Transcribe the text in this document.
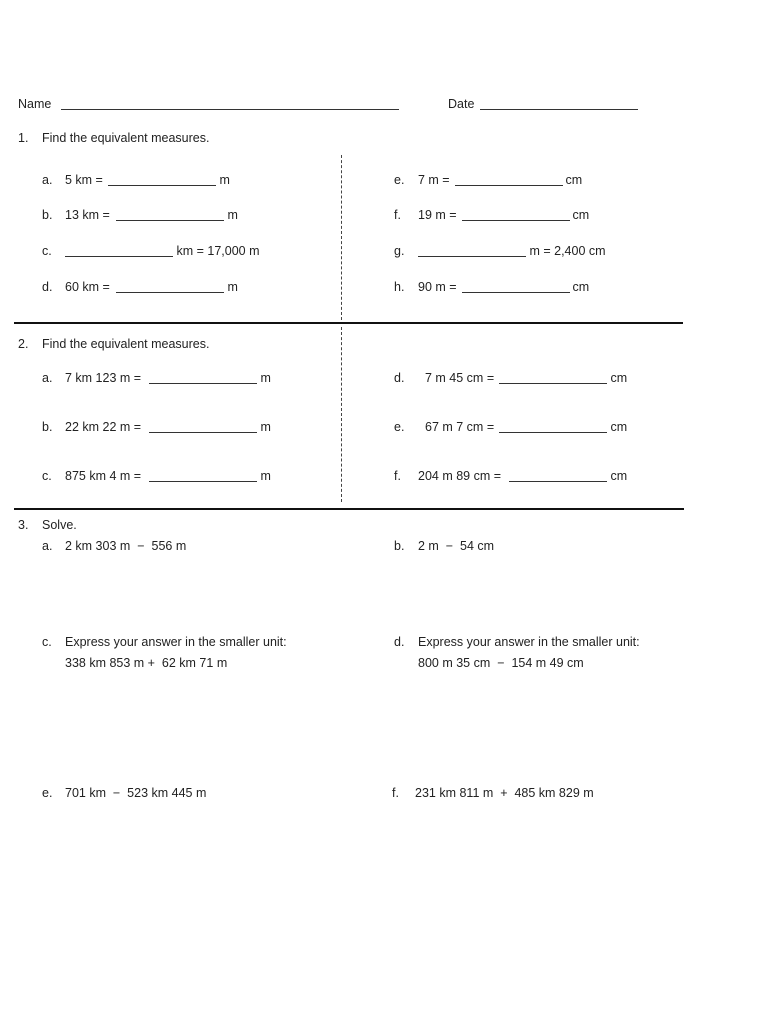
Name	Date
1. Find the equivalent measures.
a. 5 km =	m
b. 13 km =	m
c.	km = 17,000 m
d. 60 km =	m
e. 7 m =	cm
f. 19 m =	cm
g.	m = 2,400 cm
h. 90 m =	cm
2. Find the equivalent measures.
a. 7 km 123 m =	m
b. 22 km 22 m =	m
c. 875 km 4 m =	m
d. 7 m 45 cm =	cm
e. 67 m 7 cm =	cm
f. 204 m 89 cm =	cm
3. Solve.
a. 2 km 303 m  −  556 m	b. 2 m  −  54 cm
c. Express your answer in the smaller unit:
338 km 853 m +  62 km 71 m
d. Express your answer in the smaller unit:
800 m 35 cm  −  154 m 49 cm
e. 701 km  −  523 km 445 m	f. 231 km 811 m  +  485 km 829 m
